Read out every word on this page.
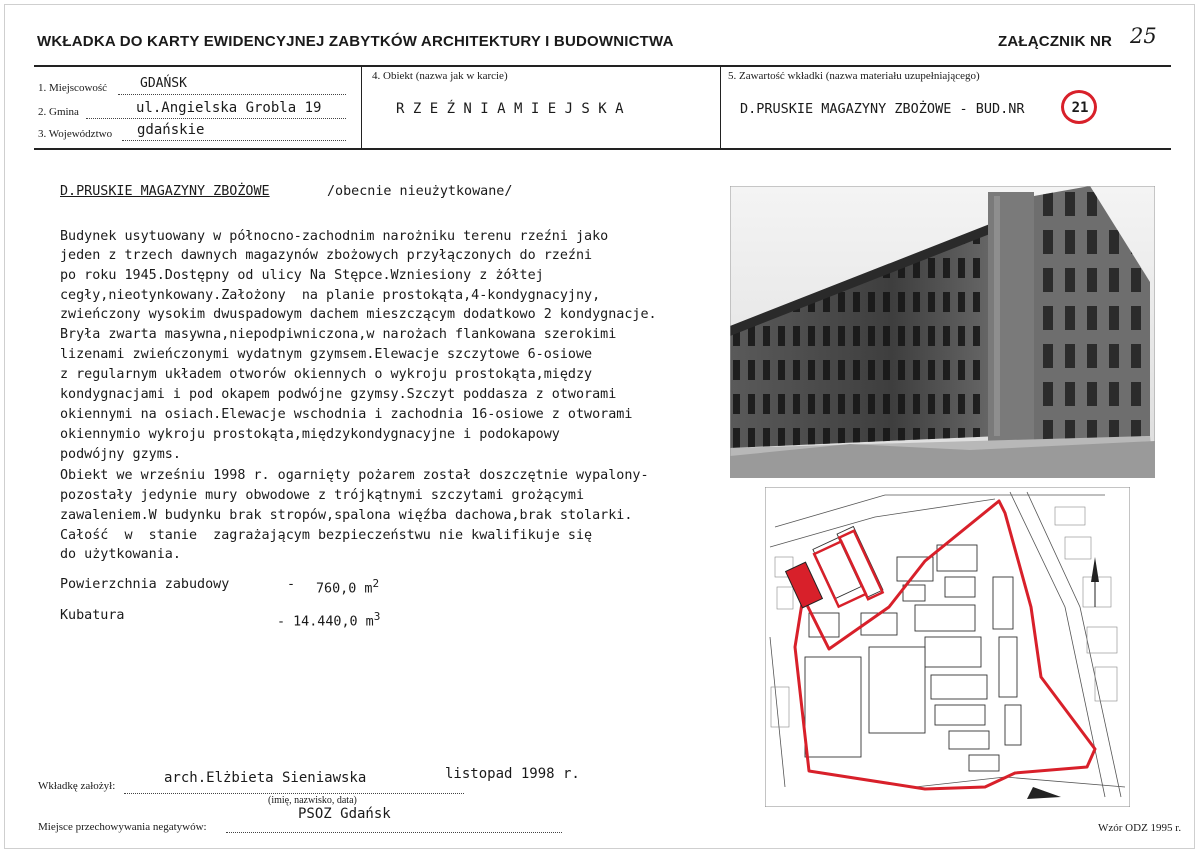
WKŁADKA DO KARTY EWIDENCYJNEJ ZABYTKÓW ARCHITEKTURY I BUDOWNICTWA	ZAŁĄCZNIK NR 25
1. Miejscowość	GDAŃSK
2. Gmina	ul.Angielska Grobla 19
3. Województwo gdańskie
4. Obiekt (nazwa jak w karcie)
R Z E Ź N I A M I E J S K A
5. Zawartość wkładki (nazwa materiału uzupełniającego)
D.PRUSKIE MAGAZYNY ZBOŻOWE - BUD.NR	21
D.PRUSKIE MAGAZYNY ZBOŻOWE	/obecnie nieużytkowane/
Budynek usytuowany w północno-zachodnim narożniku terenu rzeźni jako
jeden z trzech dawnych magazynów zbożowych przyłączonych do rzeźni
po roku 1945.Dostępny od ulicy Na Stępce.Wzniesiony z żółtej
cegły,nieotynkowany.Założony  na planie prostokąta,4-kondygnacyjny,
zwieńczony wysokim dwuspadowym dachem mieszczącym dodatkowo 2 kondygnacje.
Bryła zwarta masywna,niepodpiwniczona,w narożach flankowana szerokimi
lizenami zwieńczonymi wydatnym gzymsem.Elewacje szczytowe 6-osiowe
z regularnym układem otworów okiennych o wykroju prostokąta,między
kondygnacjami i pod okapem podwójne gzymsy.Szczyt poddasza z otworami
okiennymi na osiach.Elewacje wschodnia i zachodnia 16-osiowe z otworami
okiennymio wykroju prostokąta,międzykondygnacyjne i podokapowy
podwójny gzyms.
Obiekt we wrześniu 1998 r. ogarnięty pożarem został doszczętnie wypalony-
pozostały jedynie mury obwodowe z trójkątnymi szczytami grożącymi
zawaleniem.W budynku brak stropów,spalona więźba dachowa,brak stolarki.
Całość  w  stanie  zagrażającym bezpieczeństwu nie kwalifikuje się
do użytkowania.
Powierzchnia zabudowy	- 760,0 $m^2$
Kubatura	- 14.440,0 $m^3$
Wkładkę założył:	arch.Elżbieta Sieniawska	listopad 1998 r.
(imię, nazwisko, data)
Miejsce przechowywania negatywów:
PSOZ Gdańsk
Wzór ODZ 1995 r.
